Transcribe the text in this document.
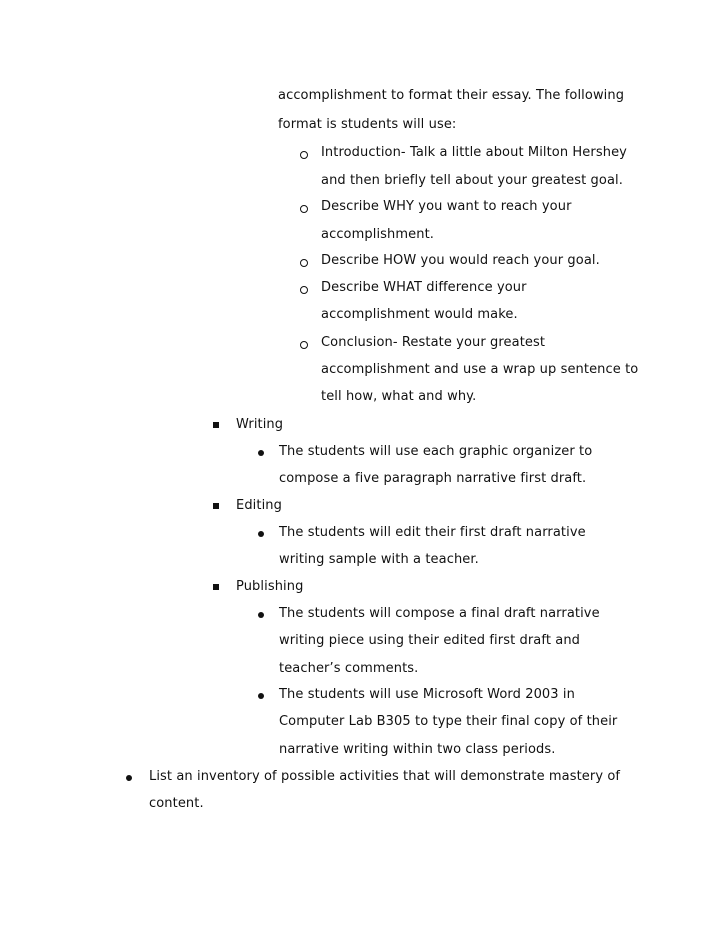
accomplishment to format their essay. The following
format is students will use:
Introduction- Talk a little about Milton Hershey
and then briefly tell about your greatest goal.
Describe WHY you want to reach your
accomplishment.
Describe HOW you would reach your goal.
Describe WHAT difference your
accomplishment would make.
Conclusion- Restate your greatest
accomplishment and use a wrap up sentence to
tell how, what and why.
Writing
The students will use each graphic organizer to
compose a five paragraph narrative first draft.
Editing
The students will edit their first draft narrative
writing sample with a teacher.
Publishing
The students will compose a final draft narrative
writing piece using their edited first draft and
teacher’s comments.
The students will use Microsoft Word 2003 in
Computer Lab B305 to type their final copy of their
narrative writing within two class periods.
List an inventory of possible activities that will demonstrate mastery of
content.
